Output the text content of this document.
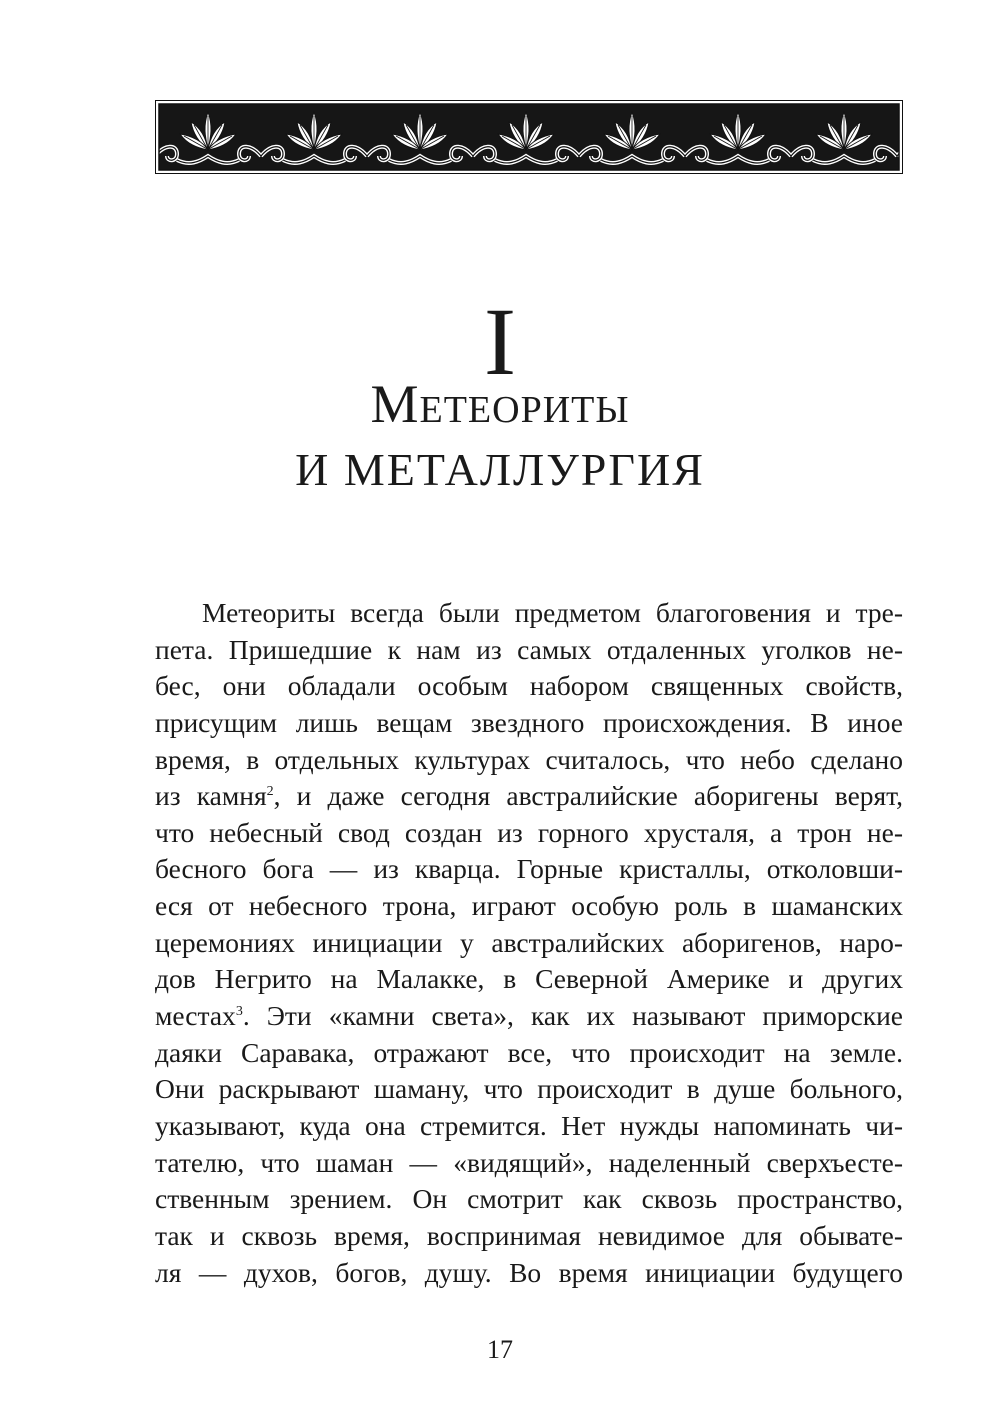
I
Метеориты
И МЕТАЛЛУРГИЯ
Метеориты всегда были предметом благоговения и тре-
пета. Пришедшие к нам из самых отдаленных уголков не-
бес, они обладали особым набором священных свойств,
присущим лишь вещам звездного происхождения. В иное
время, в отдельных культурах считалось, что небо сделано
из камня$^2$, и даже сегодня австралийские аборигены верят,
что небесный свод создан из горного хрусталя, а трон не-
бесного бога — из кварца. Горные кристаллы, отколовши-
еся от небесного трона, играют особую роль в шаманских
церемониях инициации у австралийских аборигенов, наро-
дов Негрито на Малакке, в Северной Америке и других
местах$^3$. Эти «камни света», как их называют приморские
даяки Саравака, отражают все, что происходит на земле.
Они раскрывают шаману, что происходит в душе больного,
указывают, куда она стремится. Нет нужды напоминать чи-
тателю, что шаман — «видящий», наделенный сверхъесте-
ственным зрением. Он смотрит как сквозь пространство,
так и сквозь время, воспринимая невидимое для обывате-
ля — духов, богов, душу. Во время инициации будущего
17
